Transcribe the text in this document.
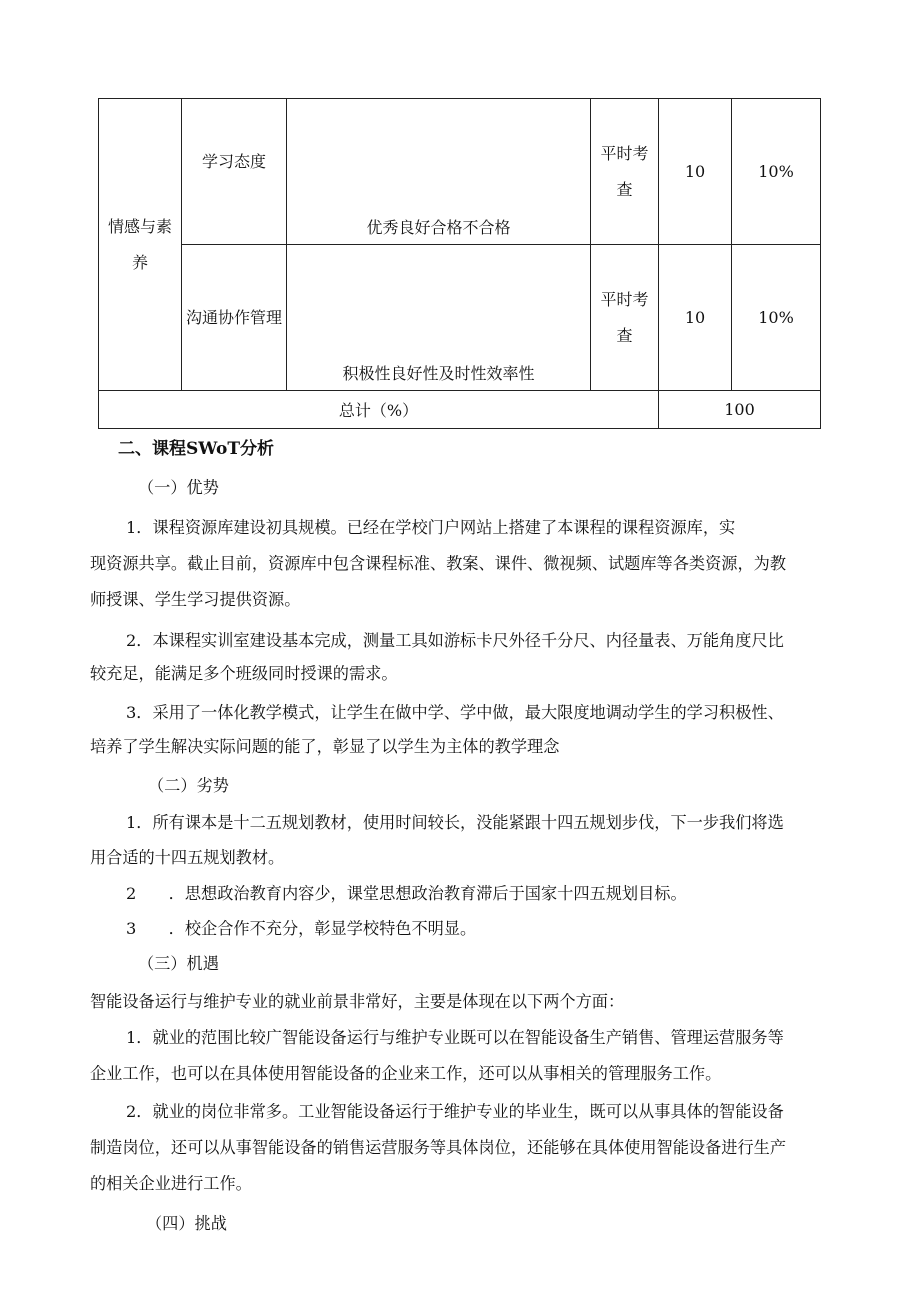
情感与素养	学习态度	优秀良好合格不合格	平时考查	10	10%
	沟通协作管理	积极性良好性及时性效率性	平时考查	10	10%
总计（%）				100	

二、课程SWoT分析

（一）优势

1．课程资源库建设初具规模。已经在学校门户网站上搭建了本课程的课程资源库，实

现资源共享。截止目前，资源库中包含课程标准、教案、课件、微视频、试题库等各类资源，为教

师授课、学生学习提供资源。

2．本课程实训室建设基本完成，测量工具如游标卡尺外径千分尺、内径量表、万能角度尺比

较充足，能满足多个班级同时授课的需求。

3．采用了一体化教学模式，让学生在做中学、学中做，最大限度地调动学生的学习积极性、

培养了学生解决实际问题的能了，彰显了以学生为主体的教学理念

（二）劣势

1．所有课本是十二五规划教材，使用时间较长，没能紧跟十四五规划步伐，下一步我们将选

用合适的十四五规划教材。

2　　．思想政治教育内容少，课堂思想政治教育滞后于国家十四五规划目标。

3　　．校企合作不充分，彰显学校特色不明显。

（三）机遇

智能设备运行与维护专业的就业前景非常好，主要是体现在以下两个方面：

1．就业的范围比较广智能设备运行与维护专业既可以在智能设备生产销售、管理运营服务等

企业工作，也可以在具体使用智能设备的企业来工作，还可以从事相关的管理服务工作。

2．就业的岗位非常多。工业智能设备运行于维护专业的毕业生，既可以从事具体的智能设备

制造岗位，还可以从事智能设备的销售运营服务等具体岗位，还能够在具体使用智能设备进行生产

的相关企业进行工作。

（四）挑战
